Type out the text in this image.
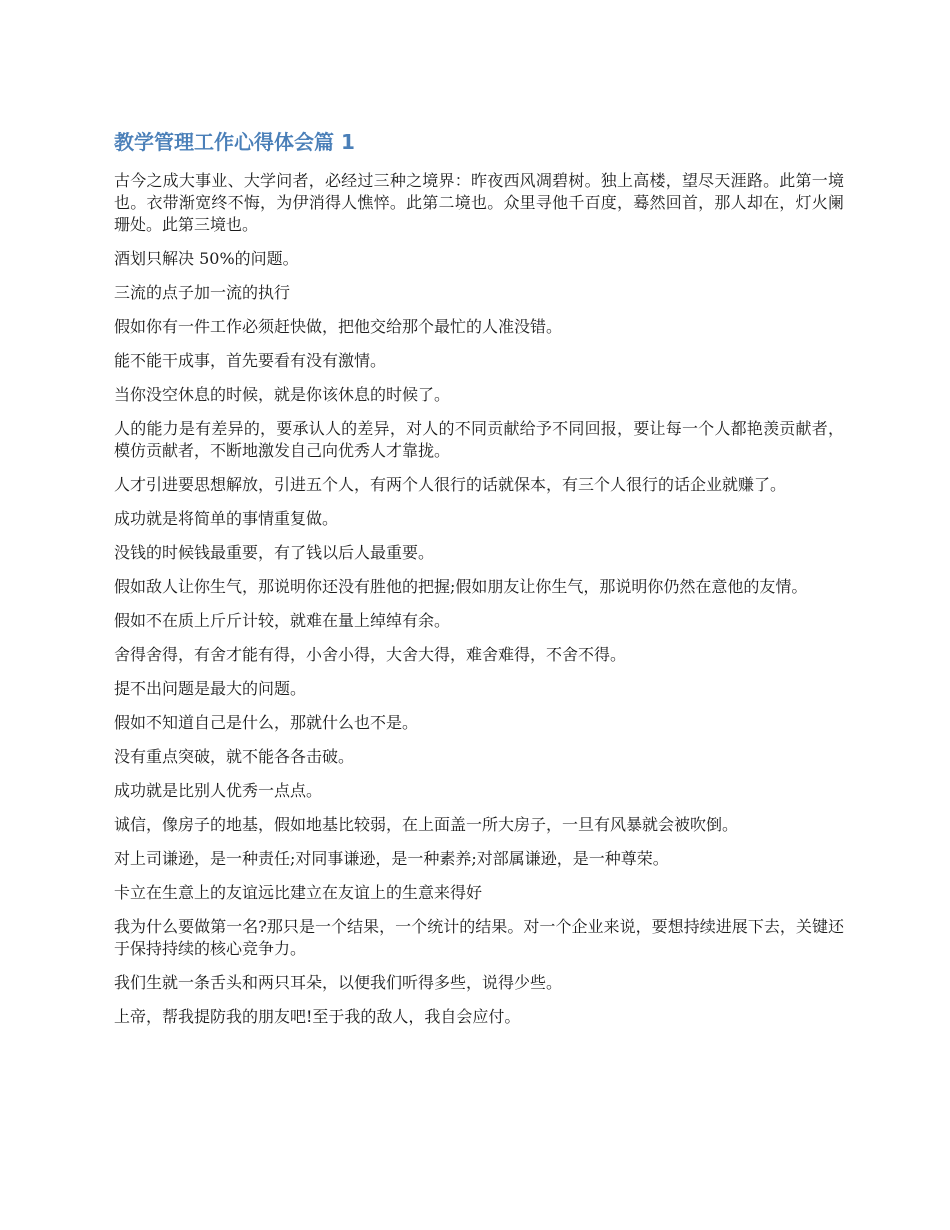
教学管理工作心得体会篇 1

古今之成大事业、大学问者，必经过三种之境界：昨夜西风凋碧树。独上高楼，望尽天涯路。此第一境也。衣带渐宽终不悔，为伊消得人憔悴。此第二境也。众里寻他千百度，蓦然回首，那人却在，灯火阑珊处。此第三境也。

酒划只解决 50%的问题。

三流的点子加一流的执行

假如你有一件工作必须赶快做，把他交给那个最忙的人准没错。

能不能干成事，首先要看有没有激情。

当你没空休息的时候，就是你该休息的时候了。

人的能力是有差异的，要承认人的差异，对人的不同贡献给予不同回报，要让每一个人都艳羡贡献者，模仿贡献者，不断地激发自己向优秀人才靠拢。

人才引进要思想解放，引进五个人，有两个人很行的话就保本，有三个人很行的话企业就赚了。

成功就是将简单的事情重复做。

没钱的时候钱最重要，有了钱以后人最重要。

假如敌人让你生气，那说明你还没有胜他的把握;假如朋友让你生气，那说明你仍然在意他的友情。

假如不在质上斤斤计较，就难在量上绰绰有余。

舍得舍得，有舍才能有得，小舍小得，大舍大得，难舍难得，不舍不得。

提不出问题是最大的问题。

假如不知道自己是什么，那就什么也不是。

没有重点突破，就不能各各击破。

成功就是比别人优秀一点点。

诚信，像房子的地基，假如地基比较弱，在上面盖一所大房子，一旦有风暴就会被吹倒。

对上司谦逊，是一种责任;对同事谦逊，是一种素养;对部属谦逊，是一种尊荣。

卡立在生意上的友谊远比建立在友谊上的生意来得好

我为什么要做第一名?那只是一个结果，一个统计的结果。对一个企业来说，要想持续进展下去，关键还于保持持续的核心竞争力。

我们生就一条舌头和两只耳朵，以便我们听得多些，说得少些。

上帝，帮我提防我的朋友吧!至于我的敌人，我自会应付。
